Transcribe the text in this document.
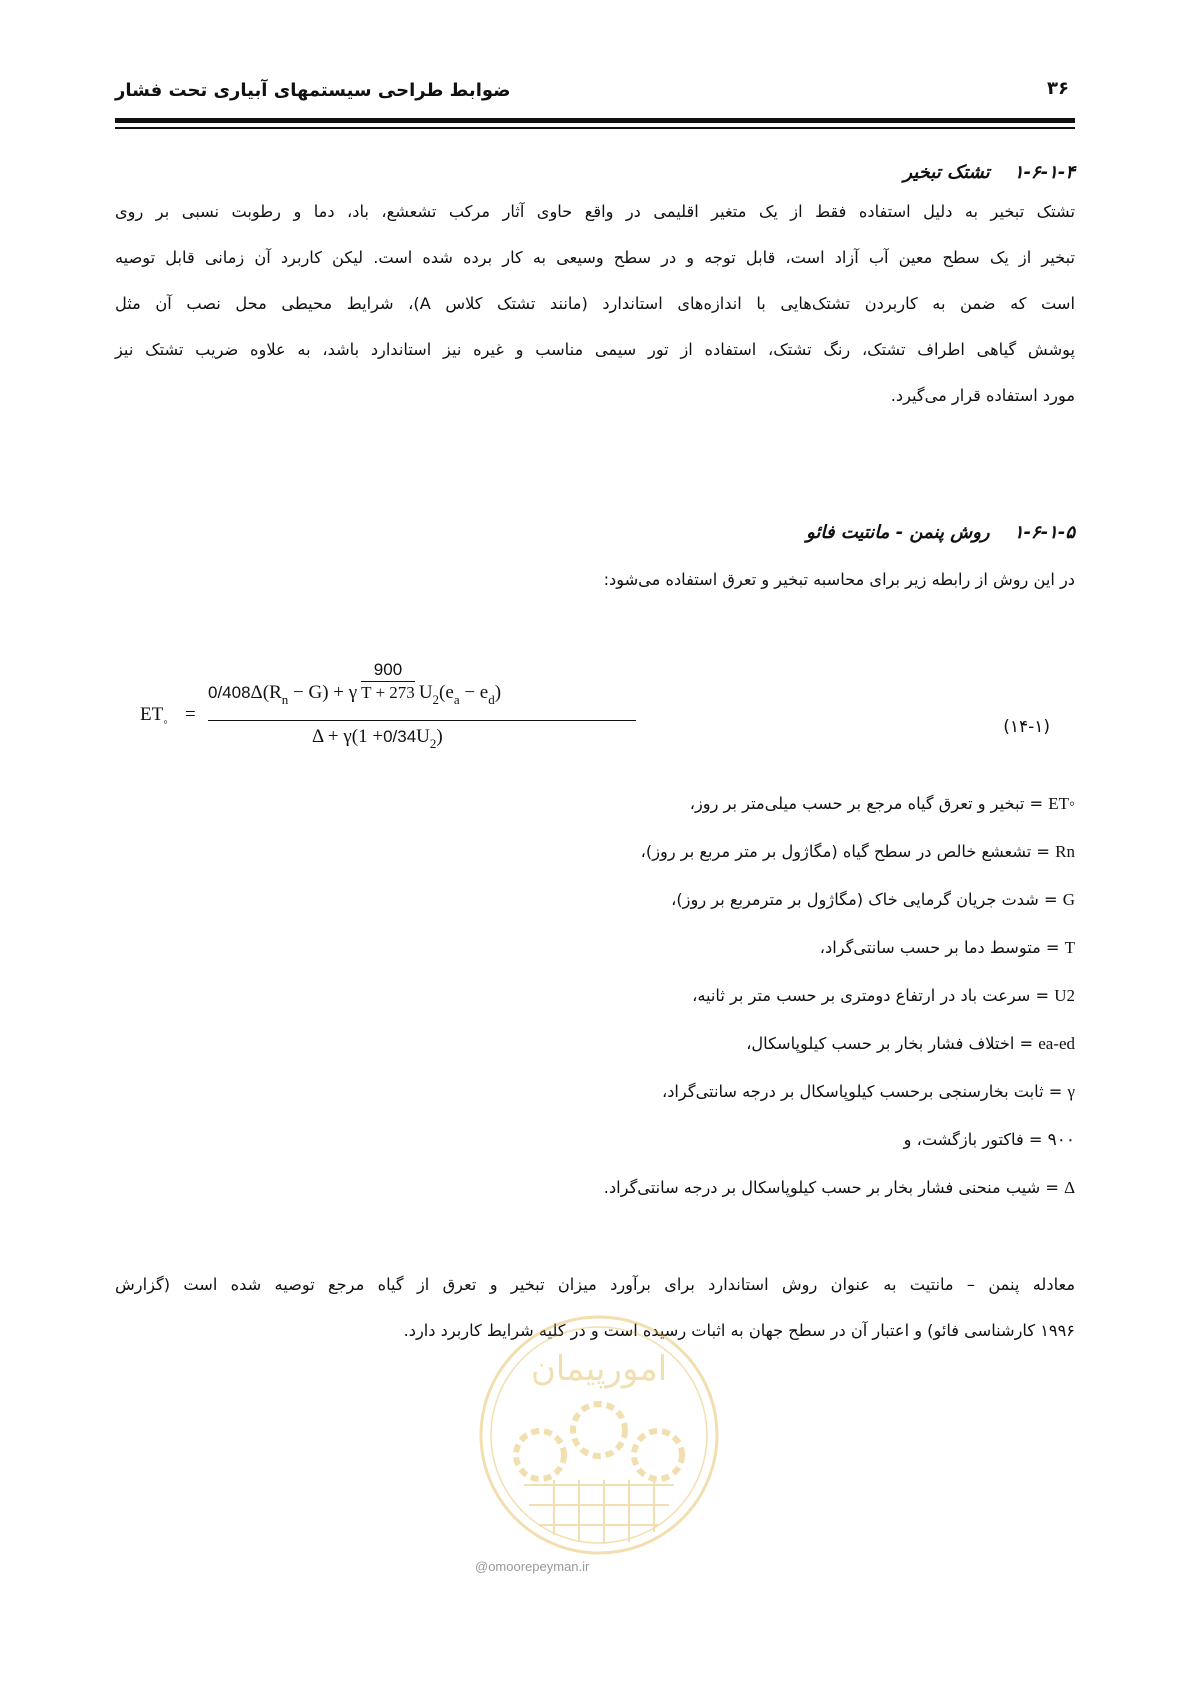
ضوابط طراحی سیستمهای آبیاری تحت فشار	۳۶
۱-۶-۱-۴ تشتک تبخیر
تشتک تبخیر به دلیل استفاده فقط از یک متغیر اقلیمی در واقع حاوی آثار مرکب تشعشع، باد، دما و رطوبت نسبی بر روی
تبخیر از یک سطح معین آب آزاد است، قابل توجه و در سطح وسیعی به کار برده شده است. لیکن کاربرد آن زمانی قابل توصیه
است که ضمن به کاربردن تشتک‌هایی با اندازه‌های استاندارد (مانند تشتک کلاس A)، شرایط محیطی محل نصب آن مثل
پوشش گیاهی اطراف تشتک، رنگ تشتک، استفاده از تور سیمی مناسب و غیره نیز استاندارد باشد، به علاوه ضریب تشتک نیز
مورد استفاده قرار می‌گیرد.
۱-۶-۱-۵ روش پنمن - مانتیت فائو
در این روش از رابطه زیر برای محاسبه تبخیر و تعرق استفاده می‌شود:
$ET_◦$ =
$0/408\Delta(R_n - G) + \gamma \frac{900}{T + 273} U_2(e_a - e_d)$
$\Delta + \gamma(1 +0/34U_2)$	(۱۴-۱)
ET◦ = تبخیر و تعرق گیاه مرجع بر حسب میلی‌متر بر روز،
Rn = تشعشع خالص در سطح گیاه (مگاژول بر متر مربع بر روز)،
G = شدت جریان گرمایی خاک (مگاژول بر مترمربع بر روز)،
T = متوسط دما بر حسب سانتی‌گراد،
U2 = سرعت باد در ارتفاع دومتری بر حسب متر بر ثانیه،
ea-ed = اختلاف فشار بخار بر حسب کیلوپاسکال،
γ = ثابت بخارسنجی برحسب کیلوپاسکال بر درجه سانتی‌گراد،
۹۰۰ = فاکتور بازگشت، و
Δ = شیب منحنی فشار بخار بر حسب کیلوپاسکال بر درجه سانتی‌گراد.
معادله پنمن – مانتیت به عنوان روش استاندارد برای برآورد میزان تبخیر و تعرق از گیاه مرجع توصیه شده است (گزارش
۱۹۹۶ کارشناسی فائو) و اعتبار آن در سطح جهان به اثبات رسیده است و در کلیه شرایط کاربرد دارد.
امورپیمان
@omoorepeyman.ir
